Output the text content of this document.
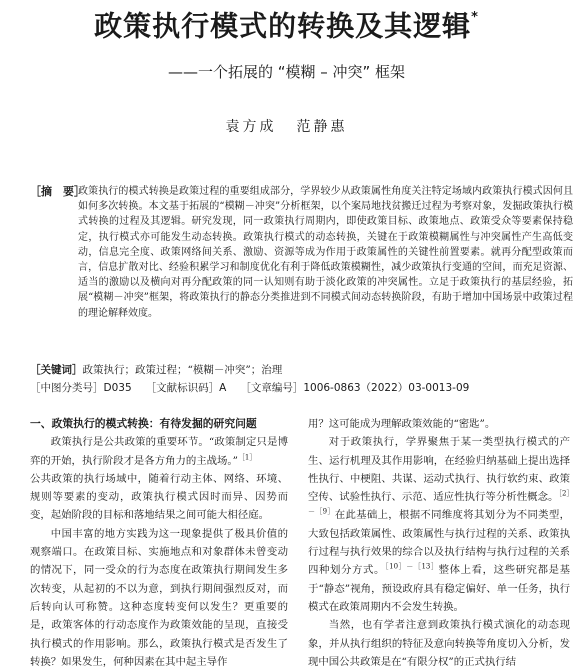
政策执行模式的转换及其逻辑*
——一个拓展的 “模糊 – 冲突” 框架
袁方成 范静惠
［摘　要］
政策执行的模式转换是政策过程的重要组成部分，学界较少从政策属性角度关注特定场域内政策执行模式因何且如何多次转换。本文基于拓展的“模糊－冲突”分析框架，以个案局地找贫搬迁过程为考察对象，发掘政策执行模式转换的过程及其逻辑。研究发现，同一政策执行周期内，即使政策目标、政策地点、政策受众等要素保持稳定，执行模式亦可能发生动态转换。政策执行模式的动态转换，关键在于政策模糊属性与冲突属性产生高低变动，信息完全度、政策网络间关系、激励、资源等成为作用于政策属性的关键性前置要素。就再分配型政策而言，信息扩散对比、经验积累学习和制度优化有利于降低政策模糊性，减少政策执行变通的空间，而充足资源、适当的激励以及横向对再分配政策的同一认知则有助于淡化政策的冲突属性。立足于政策执行的基层经验，拓展“模糊－冲突”框架，将政策执行的静态分类推进到不同模式间动态转换阶段，有助于增加中国场景中政策过程的理论解释效度。
［关键词］政策执行；政策过程；“模糊－冲突”；治理
［中图分类号］D035 ［文献标识码］A ［文章编号］1006-0863（2022）03-0013-09
一、政策执行的模式转换：有待发掘的研究问题

政策执行是公共政策的重要环节。“政策制定只是博弈的开始，执行阶段才是各方角力的主战场。”$^{[1]}$

公共政策的执行场域中，随着行动主体、网络、环境、规则等要素的变动，政策执行模式因时而异、因势而变，起始阶段的目标和落地结果之间可能大相径庭。

中国丰富的地方实践为这一现象提供了极具价值的观察端口。在政策目标、实施地点和对象群体未曾变动的情况下，同一受众的行为态度在政策执行期间发生多次转变，从起初的不以为意，到执行期间强烈反对，而后转向认可称赞。这种态度转变何以发生？更重要的是，政策客体的行动态度作为政策效能的呈现，直接受执行模式的作用影响。那么，政策执行模式是否发生了转换？如果发生，何种因素在其中起主导作

用？这可能成为理解政策效能的“密匙”。

对于政策执行，学界聚焦于某一类型执行模式的产生、运行机理及其作用影响，在经验归纳基础上提出选择性执行、中梗阻、共谋、运动式执行、执行软约束、政策空传、试验性执行、示范、适应性执行等分析性概念。$^{[2]-[9]}$在此基础上，根据不同维度将其划分为不同类型，大致包括政策属性、政策属性与执行过程的关系、政策执行过程与执行效果的综合以及执行结构与执行过程的关系四种划分方式。$^{[10]-[13]}$整体上看，这些研究都是基于“静态”视角，预设政府具有稳定偏好、单一任务，执行模式在政策周期内不会发生转换。

当然，也有学者注意到政策执行模式演化的动态现象，并从执行组织的特征及意向转换等角度切入分析，发现中国公共政策是在“有限分权”的正式执行结
